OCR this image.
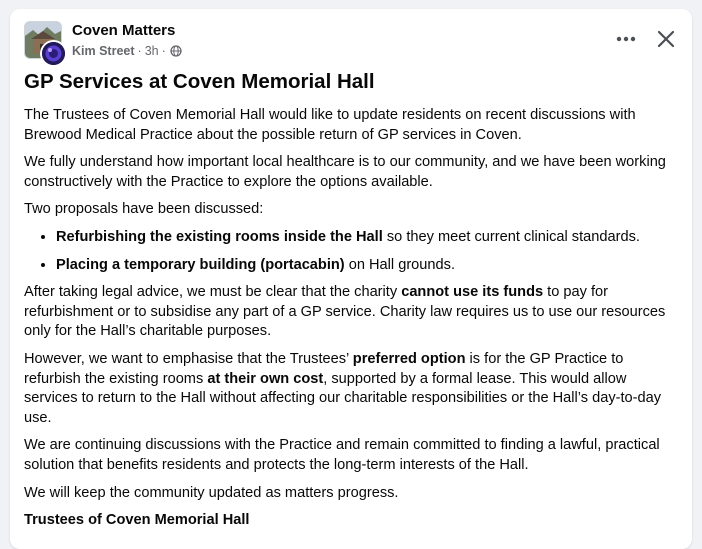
Coven Matters
Kim Street · 3h ·
GP Services at Coven Memorial Hall

The Trustees of Coven Memorial Hall would like to update residents on recent discussions with Brewood Medical Practice about the possible return of GP services in Coven.

We fully understand how important local healthcare is to our community, and we have been working constructively with the Practice to explore the options available.

Two proposals have been discussed:

• Refurbishing the existing rooms inside the Hall so they meet current clinical standards.
• Placing a temporary building (portacabin) on Hall grounds.

After taking legal advice, we must be clear that the charity cannot use its funds to pay for refurbishment or to subsidise any part of a GP service. Charity law requires us to use our resources only for the Hall’s charitable purposes.

However, we want to emphasise that the Trustees’ preferred option is for the GP Practice to refurbish the existing rooms at their own cost, supported by a formal lease. This would allow services to return to the Hall without affecting our charitable responsibilities or the Hall’s day-to-day use.

We are continuing discussions with the Practice and remain committed to finding a lawful, practical solution that benefits residents and protects the long-term interests of the Hall.

We will keep the community updated as matters progress.

Trustees of Coven Memorial Hall
